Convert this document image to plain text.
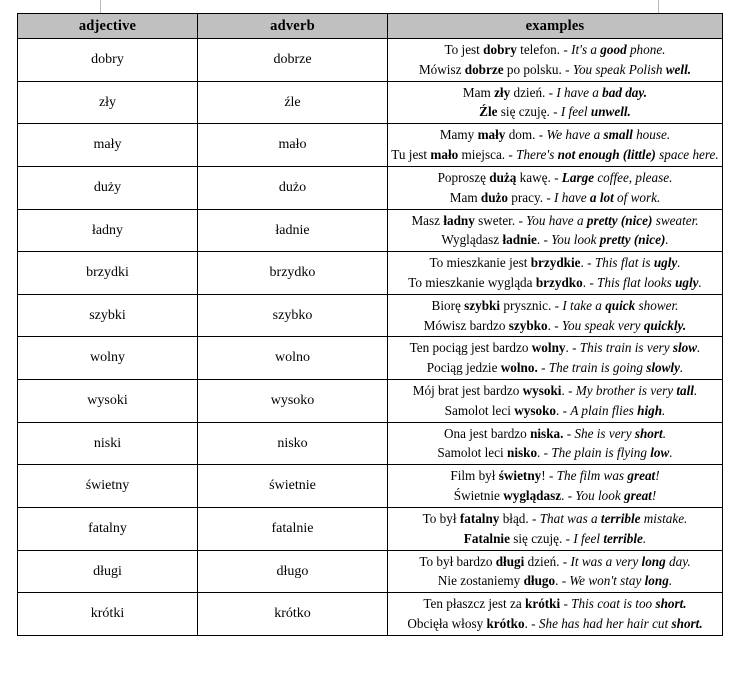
adjective	adverb	examples
dobry	dobrze	To jest dobry telefon. - It's a good phone.
Mówisz dobrze po polsku. - You speak Polish well.

zły	źle	Mam zły dzień. - I have a bad day.
Źle się czuję. - I feel unwell.

mały	mało	Mamy mały dom. - We have a small house.
Tu jest mało miejsca. - There's not enough (little) space here.

duży	dużo	Poproszę dużą kawę. - Large coffee, please.
Mam dużo pracy. - I have a lot of work.

ładny	ładnie	Masz ładny sweter. - You have a pretty (nice) sweater.
Wyglądasz ładnie. - You look pretty (nice).

brzydki	brzydko	To mieszkanie jest brzydkie. - This flat is ugly.
To mieszkanie wygląda brzydko. - This flat looks ugly.

szybki	szybko	Biorę szybki prysznic. - I take a quick shower.
Mówisz bardzo szybko. - You speak very quickly.

wolny	wolno	Ten pociąg jest bardzo wolny. - This train is very slow.
Pociąg jedzie wolno. - The train is going slowly.

wysoki	wysoko	Mój brat jest bardzo wysoki. - My brother is very tall.
Samolot leci wysoko. - A plain flies high.

niski	nisko	Ona jest bardzo niska. - She is very short.
Samolot leci nisko. - The plain is flying low.

świetny	świetnie	Film był świetny! - The film was great!
Świetnie wyglądasz. - You look great!

fatalny	fatalnie	To był fatalny błąd. - That was a terrible mistake.
Fatalnie się czuję. - I feel terrible.

długi	długo	To był bardzo długi dzień. - It was a very long day.
Nie zostaniemy długo. - We won't stay long.

krótki	krótko	Ten płaszcz jest za krótki - This coat is too short.
Obcięła włosy krótko. - She has had her hair cut short.
